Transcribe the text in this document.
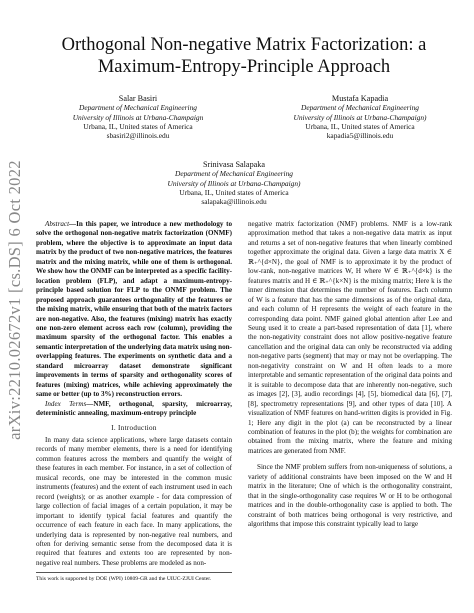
arXiv:2210.02672v1 [cs.DS] 6 Oct 2022
Orthogonal Non-negative Matrix Factorization: a
Maximum-Entropy-Principle Approach
Salar Basiri
Department of Mechanical Engineering
University of Illinois at Urbana-Champaign
Urbana, IL, United states of America
sbasiri2@illinois.edu
Mustafa Kapadia
Department of Mechanical Engineering
University of Illinois at Urbana-Champaign)
Urbana, IL, United states of America
kapadia5@illinois.edu
Srinivasa Salapaka
Department of Mechanical Engineering
University of Illinois at Urbana-Champaign)
Urbana, IL, United states of America
salapaka@illinois.edu

Abstract—In this paper, we introduce a new methodology to solve the orthogonal non-negative matrix factorization (ONMF) problem, where the objective is to approximate an input data matrix by the product of two non-negative matrices, the features matrix and the mixing matrix, while one of them is orthogonal. We show how the ONMF can be interpreted as a specific facility-location problem (FLP), and adapt a maximum-entropy-principle based solution for FLP to the ONMF problem. The proposed approach guarantees orthogonality of the features or the mixing matrix, while ensuring that both of the matrix factors are non-negative. Also, the features (mixing) matrix has exactly one non-zero element across each row (column), providing the maximum sparsity of the orthogonal factor. This enables a semantic interpretation of the underlying data matrix using non-overlapping features. The experiments on synthetic data and a standard microarray dataset demonstrate significant improvements in terms of sparsity and orthogonality scores of features (mixing) matrices, while achieving approximately the same or better (up to 3%) reconstruction errors.

Index Terms—NMF, orthogonal, sparsity, microarray, deterministic annealing, maximum-entropy principle

I. Introduction

In many data science applications, where large datasets contain records of many member elements, there is a need for identifying common features across the members and quantify the weight of these features in each member. For instance, in a set of collection of musical records, one may be interested in the common music instruments (features) and the extent of each instrument used in each record (weights); or as another example - for data compression of large collection of facial images of a certain population, it may be important to identify typical facial features and quantify the occurrence of each feature in each face. In many applications, the underlying data is represented by non-negative real numbers, and often for deriving semantic sense from the decomposed data it is required that features and extents too are represented by non-negative real numbers. These problems are modeled as non-

This work is supported by DOE (WPI) 10809-GR and the UIUC-ZJUI Center.

negative matrix factorization (NMF) problems. NMF is a low-rank approximation method that takes a non-negative data matrix as input and returns a set of non-negative features that when linearly combined together approximate the original data. Given a large data matrix X ∈ ℝ₊^{d×N}, the goal of NMF is to approximate it by the product of low-rank, non-negative matrices W, H where W ∈ ℝ₊^{d×k} is the features matrix and H ∈ ℝ₊^{k×N} is the mixing matrix; Here k is the inner dimension that determines the number of features. Each column of W is a feature that has the same dimensions as of the original data, and each column of H represents the weight of each feature in the corresponding data point. NMF gained global attention after Lee and Seung used it to create a part-based representation of data [1], where the non-negativity constraint does not allow positive-negative feature cancellation and the original data can only be reconstructed via adding non-negative parts (segment) that may or may not be overlapping. The non-negativity constraint on W and H often leads to a more interpretable and semantic representation of the original data points and it is suitable to decompose data that are inherently non-negative, such as images [2], [3], audio recordings [4], [5], biomedical data [6], [7], [8], spectrometry representations [9], and other types of data [10]. A visualization of NMF features on hand-written digits is provided in Fig. 1; Here any digit in the plot (a) can be reconstructed by a linear combination of features in the plot (b); the weights for combination are obtained from the mixing matrix, where the feature and mixing matrices are generated from NMF.

Since the NMF problem suffers from non-uniqueness of solutions, a variety of additional constraints have been imposed on the W and H matrix in the literature; One of which is the orthogonality constraint, that in the single-orthogonality case requires W or H to be orthogonal matrices and in the double-orthogonality case is applied to both. The constraint of both matrices being orthogonal is very restrictive, and algorithms that impose this constraint typically lead to large
